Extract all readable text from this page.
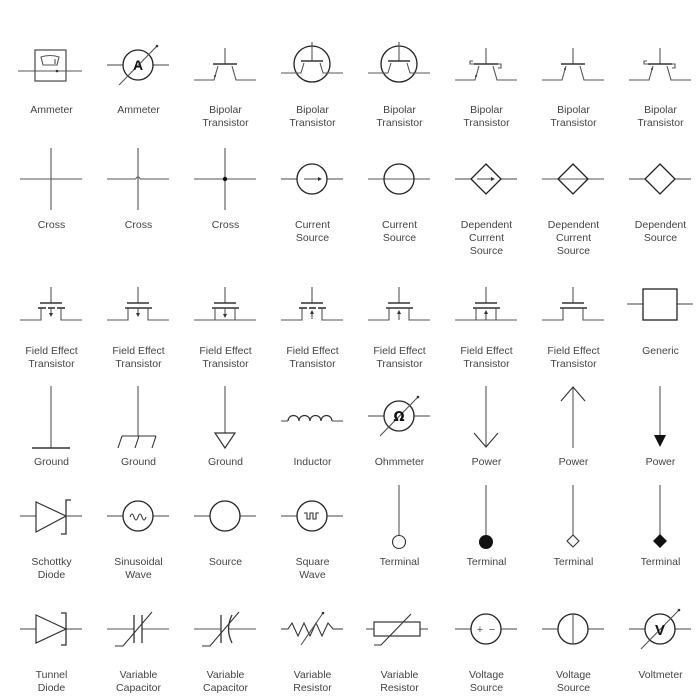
Ammeter
A
Ammeter	Bipolar
Transistor
Bipolar
Transistor
Bipolar
Transistor
Bipolar
Transistor
Bipolar
Transistor
Bipolar
Transistor
Cross	Cross	Cross	Current
Source
Current
Source
Dependent
Current
Source
Dependent
Current
Source
Dependent
Source
Field Effect
Transistor
Field Effect
Transistor
Field Effect
Transistor
Field Effect
Transistor
Field Effect
Transistor
Field Effect
Transistor
Field Effect
Transistor
Generic
Ground	Ground	Ground	Inductor
Ω
Ohmmeter	Power	Power	Power
Schottky
Diode
Sinusoidal
Wave
Source	Square
Wave
Terminal	Terminal	Terminal	Terminal
Tunnel
Diode
Variable
Capacitor
Variable
Capacitor
Variable
Resistor
Variable
Resistor
+ −
Voltage
Source
Voltage
Source
V
Voltmeter
